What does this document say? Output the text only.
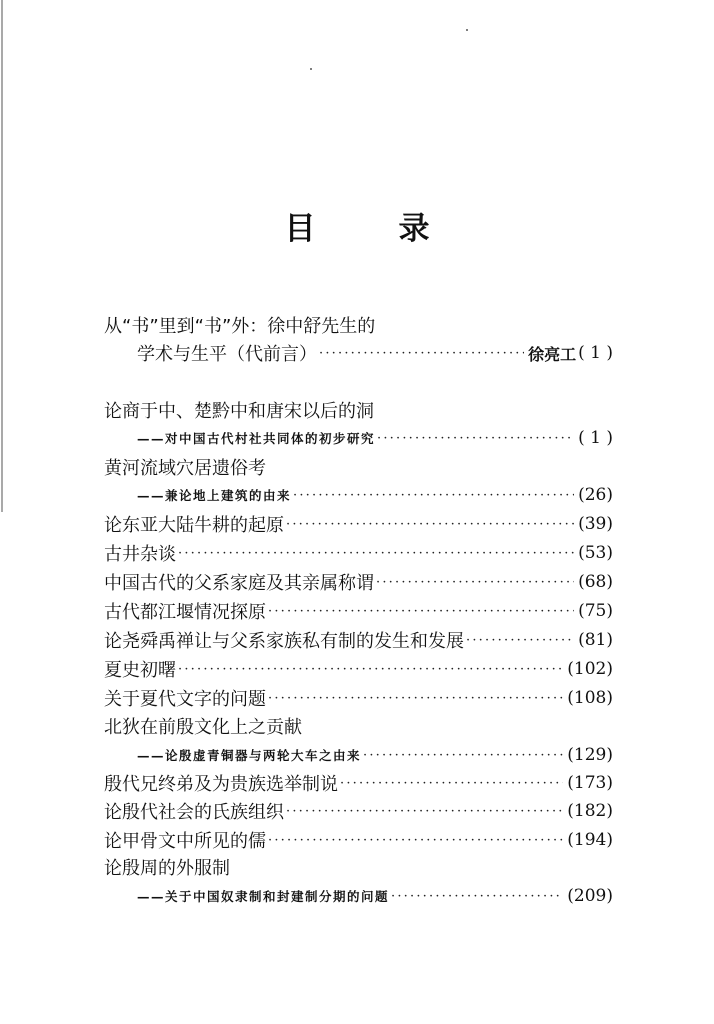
目　录
从“书”里到“书”外：徐中舒先生的
学术与生平（代前言） ·····	徐亮工 ( 1 )
论商于中、楚黔中和唐宋以后的洞
——对中国古代村社共同体的初步研究 ·····	( 1 )
黄河流域穴居遗俗考
——兼论地上建筑的由来 ·····	(26)
论东亚大陆牛耕的起原 ·····	(39)
古井杂谈 ·····	(53)
中国古代的父系家庭及其亲属称谓 ·····	(68)
古代都江堰情况探原 ·····	(75)
论尧舜禹禅让与父系家族私有制的发生和发展 ·····	(81)
夏史初曙 ·····	(102)
关于夏代文字的问题 ·····	(108)
北狄在前殷文化上之贡献
——论殷虚青铜器与两轮大车之由来 ·····	(129)
殷代兄终弟及为贵族选举制说 ·····	(173)
论殷代社会的氏族组织 ·····	(182)
论甲骨文中所见的儒 ·····	(194)
论殷周的外服制
——关于中国奴隶制和封建制分期的问题 ·····	(209)
